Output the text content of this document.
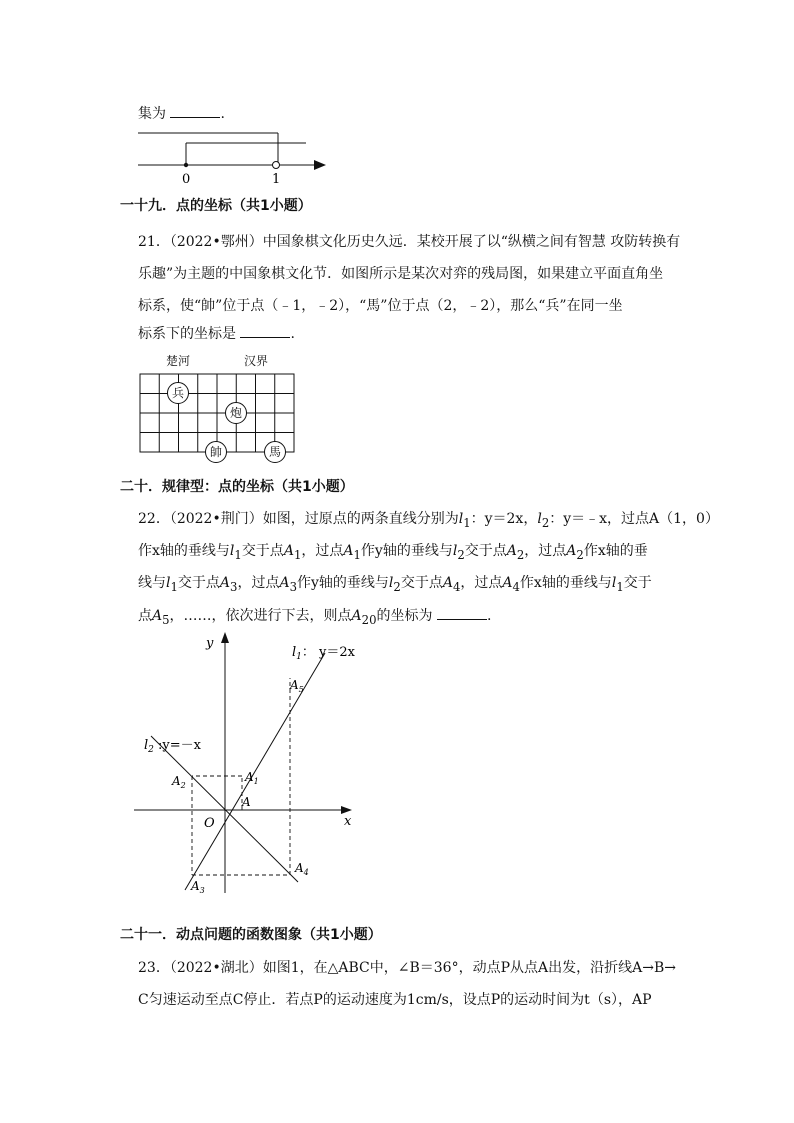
集为	.
0	1
一十九．点的坐标（共1小题）
21．（2022•鄂州）中国象棋文化历史久远．某校开展了以“纵横之间有智慧 攻防转换有
乐趣”为主题的中国象棋文化节．如图所示是某次对弈的残局图，如果建立平面直角坐
标系，使“帥”位于点（﹣1，﹣2），“馬”位于点（2，﹣2），那么“兵”在同一坐
标系下的坐标是	.
楚河	汉界
兵
炮
帥	馬
二十．规律型：点的坐标（共1小题）
22．（2022•荆门）如图，过原点的两条直线分别为$l_1$：y＝2x，$l_2$：y＝﹣x，过点A（1，0）
作x轴的垂线与$l_1$交于点$A_1$，过点$A_1$作y轴的垂线与$l_2$交于点$A_2$，过点$A_2$作x轴的垂
线与$l_1$交于点$A_3$，过点$A_3$作y轴的垂线与$l_2$交于点$A_4$，过点$A_4$作x轴的垂线与$l_1$交于
点$A_5$，……，依次进行下去，则点$A_{20}$的坐标为	.
y
x
O
$l_1$： y＝2x
$l_2$ :y=－x
A
$A_1$
$A_2$
$A_3$
$A_4$
$A_5$
二十一．动点问题的函数图象（共1小题）
23．（2022•湖北）如图1，在△ABC中，∠B＝36°，动点P从点A出发，沿折线A→B→
C匀速运动至点C停止．若点P的运动速度为1cm/s，设点P的运动时间为t（s），AP
